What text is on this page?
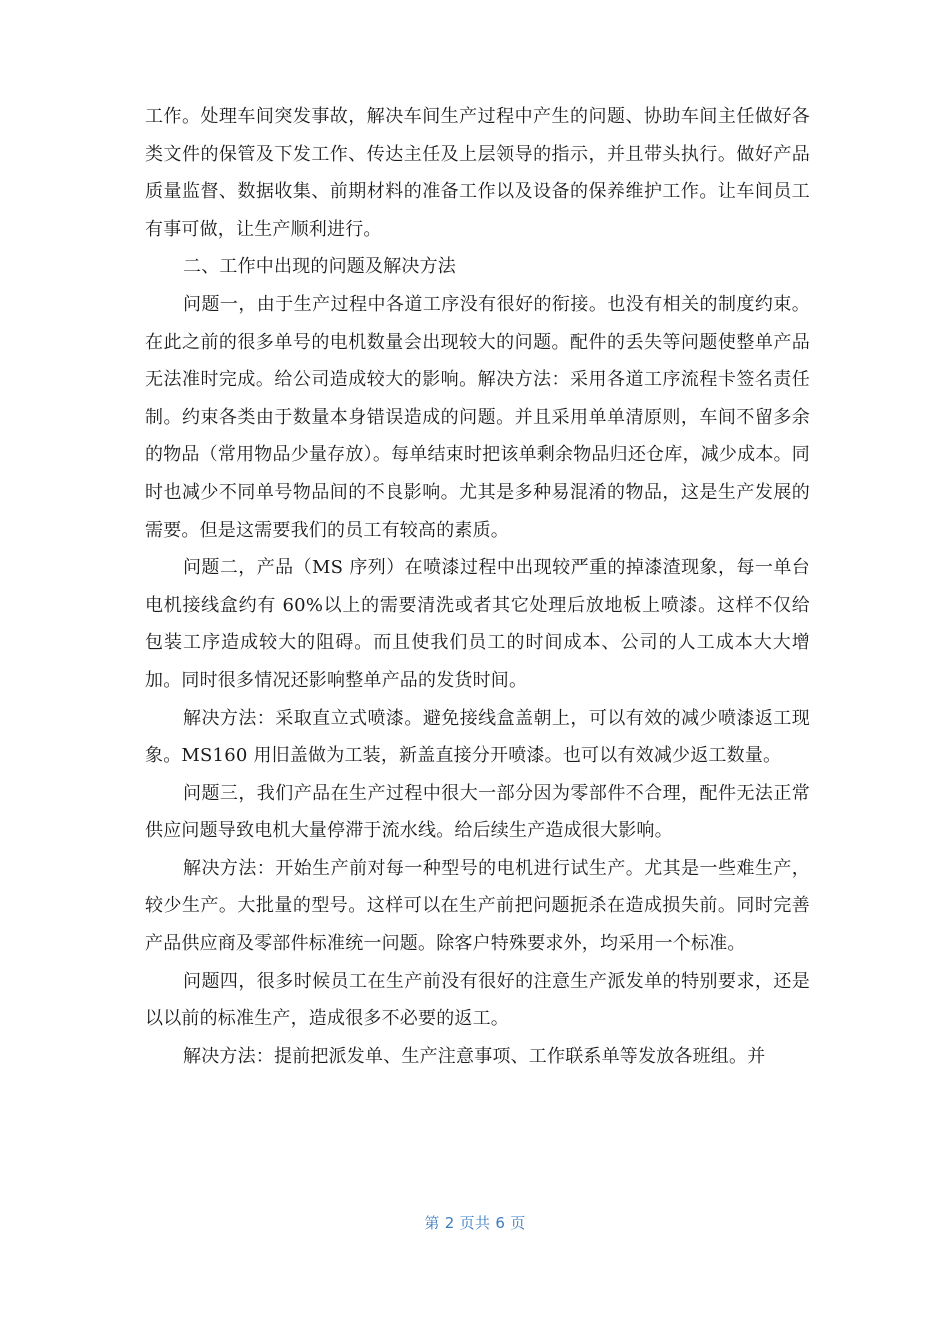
工作。处理车间突发事故，解决车间生产过程中产生的问题、协助车间主任做好各类文件的保管及下发工作、传达主任及上层领导的指示，并且带头执行。做好产品质量监督、数据收集、前期材料的准备工作以及设备的保养维护工作。让车间员工有事可做，让生产顺利进行。

二、工作中出现的问题及解决方法

问题一，由于生产过程中各道工序没有很好的衔接。也没有相关的制度约束。在此之前的很多单号的电机数量会出现较大的问题。配件的丢失等问题使整单产品无法准时完成。给公司造成较大的影响。解决方法：采用各道工序流程卡签名责任制。约束各类由于数量本身错误造成的问题。并且采用单单清原则，车间不留多余的物品（常用物品少量存放）。每单结束时把该单剩余物品归还仓库，减少成本。同时也减少不同单号物品间的不良影响。尤其是多种易混淆的物品，这是生产发展的需要。但是这需要我们的员工有较高的素质。

问题二，产品（MS 序列）在喷漆过程中出现较严重的掉漆渣现象，每一单台电机接线盒约有 60%以上的需要清洗或者其它处理后放地板上喷漆。这样不仅给包装工序造成较大的阻碍。而且使我们员工的时间成本、公司的人工成本大大增加。同时很多情况还影响整单产品的发货时间。

解决方法：采取直立式喷漆。避免接线盒盖朝上，可以有效的减少喷漆返工现象。MS160 用旧盖做为工装，新盖直接分开喷漆。也可以有效减少返工数量。

问题三，我们产品在生产过程中很大一部分因为零部件不合理，配件无法正常供应问题导致电机大量停滞于流水线。给后续生产造成很大影响。

解决方法：开始生产前对每一种型号的电机进行试生产。尤其是一些难生产，较少生产。大批量的型号。这样可以在生产前把问题扼杀在造成损失前。同时完善产品供应商及零部件标准统一问题。除客户特殊要求外，均采用一个标准。

问题四，很多时候员工在生产前没有很好的注意生产派发单的特别要求，还是以以前的标准生产，造成很多不必要的返工。

解决方法：提前把派发单、生产注意事项、工作联系单等发放各班组。并

第 2 页共 6 页
